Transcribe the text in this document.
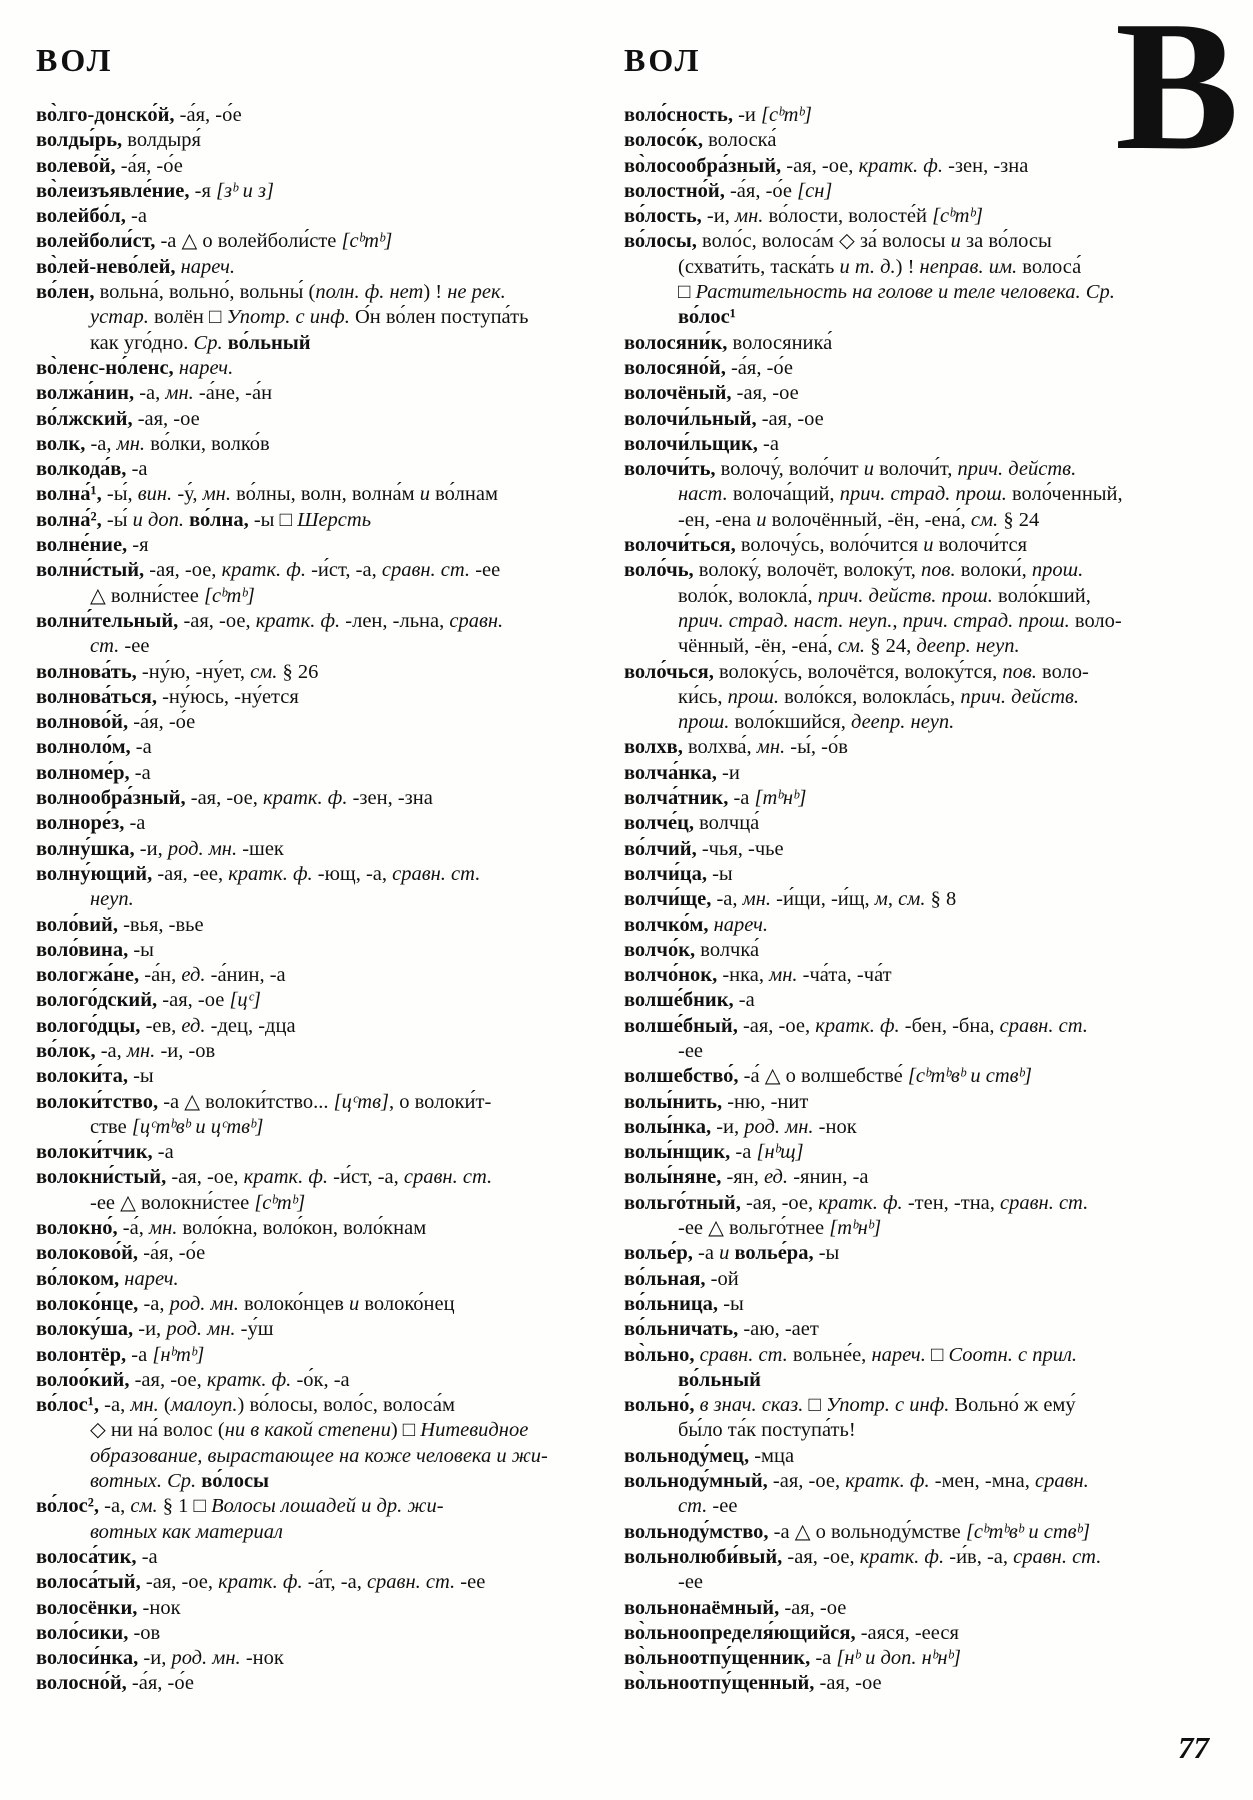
ВОЛ
во̀лго-донско́й, -а́я, -о́е
волды́рь, волдыря́
волево́й, -а́я, -о́е
во̀леизъявле́ние, -я [зᵇ и з]
волейбо́л, -а
волейболи́ст, -а △ о волейболи́сте [сᵇтᵇ]
во̀лей-нево́лей, нареч.
во́лен, вольна́, вольно́, вольны́ (полн. ф. нет) ! не рек.
устар. волён □ Употр. с инф. О́н во́лен поступа́ть
как уго́дно. Ср. во́льный
во̀ленс-но́ленс, нареч.
волжа́нин, -а, мн. -а́не, -а́н
во́лжский, -ая, -ое
волк, -а, мн. во́лки, волко́в
волкода́в, -а
волна́¹, -ы́, вин. -у́, мн. во́лны, волн, волна́м и во́лнам
волна́², -ы́ и доп. во́лна, -ы □ Шерсть
волне́ние, -я
волни́стый, -ая, -ое, кратк. ф. -и́ст, -а, сравн. ст. -ее
△ волни́стее [сᵇтᵇ]
волни́тельный, -ая, -ое, кратк. ф. -лен, -льна, сравн.
ст. -ее
волнова́ть, -ну́ю, -ну́ет, см. § 26
волнова́ться, -ну́юсь, -ну́ется
волново́й, -а́я, -о́е
волноло́м, -а
волноме́р, -а
волнообра́зный, -ая, -ое, кратк. ф. -зен, -зна
волноре́з, -а
волну́шка, -и, род. мн. -шек
волну́ющий, -ая, -ее, кратк. ф. -ющ, -а, сравн. ст.
неуп.
воло́вий, -вья, -вье
воло́вина, -ы
вологжа́не, -а́н, ед. -а́нин, -а
волого́дский, -ая, -ое [цᶜ]
волого́дцы, -ев, ед. -дец, -дца
во́лок, -а, мн. -и, -ов
волоки́та, -ы
волоки́тство, -а △ волоки́тство... [цᶜтв], о волоки́т-
стве [цᶜтᵇвᵇ и цᶜтвᵇ]
волоки́тчик, -а
волокни́стый, -ая, -ое, кратк. ф. -и́ст, -а, сравн. ст.
-ее △ волокни́стее [сᵇтᵇ]
волокно́, -а́, мн. воло́кна, воло́кон, воло́кнам
волоково́й, -а́я, -о́е
во́локом, нареч.
волоко́нце, -а, род. мн. волоко́нцев и волоко́нец
волоку́ша, -и, род. мн. -у́ш
волонтёр, -а [нᵇтᵇ]
волоо́кий, -ая, -ое, кратк. ф. -о́к, -а
во́лос¹, -а, мн. (малоуп.) во́лосы, воло́с, волоса́м
◇ ни на́ волос (ни в какой степени) □ Нитевидное
образование, вырастающее на коже человека и жи-
вотных. Ср. во́лосы
во́лос², -а, см. § 1 □ Волосы лошадей и др. жи-
вотных как материал
волоса́тик, -а
волоса́тый, -ая, -ое, кратк. ф. -а́т, -а, сравн. ст. -ее
волосёнки, -нок
воло́сики, -ов
волоси́нка, -и, род. мн. -нок
волосно́й, -а́я, -о́е
ВОЛ
воло́сность, -и [сᵇтᵇ]
волосо́к, волоска́
во̀лосообра́зный, -ая, -ое, кратк. ф. -зен, -зна
волостно́й, -а́я, -о́е [сн]
во́лость, -и, мн. во́лости, волосте́й [сᵇтᵇ]
во́лосы, воло́с, волоса́м ◇ за́ волосы и за во́лосы
(схвати́ть, таска́ть и т. д.) ! неправ. им. волоса́
□ Растительность на голове и теле человека. Ср.
во́лос¹
волосяни́к, волосяника́
волосяно́й, -а́я, -о́е
волочёный, -ая, -ое
волочи́льный, -ая, -ое
волочи́льщик, -а
волочи́ть, волочу́, воло́чит и волочи́т, прич. действ.
наст. волоча́щий, прич. страд. прош. воло́ченный,
-ен, -ена и волочённый, -ён, -ена́, см. § 24
волочи́ться, волочу́сь, воло́чится и волочи́тся
воло́чь, волоку́, волочёт, волоку́т, пов. волоки́, прош.
воло́к, волокла́, прич. действ. прош. воло́кший,
прич. страд. наст. неуп., прич. страд. прош. воло-
чённый, -ён, -ена́, см. § 24, деепр. неуп.
воло́чься, волоку́сь, волочётся, волоку́тся, пов. воло-
ки́сь, прош. воло́кся, волокла́сь, прич. действ.
прош. воло́кшийся, деепр. неуп.
волхв, волхва́, мн. -ы́, -о́в
волча́нка, -и
волча́тник, -а [тᵇнᵇ]
волче́ц, волчца́
во́лчий, -чья, -чье
волчи́ца, -ы
волчи́ще, -а, мн. -и́щи, -и́щ, м, см. § 8
волчко́м, нареч.
волчо́к, волчка́
волчо́нок, -нка, мн. -ча́та, -ча́т
волше́бник, -а
волше́бный, -ая, -ое, кратк. ф. -бен, -бна, сравн. ст.
-ее
волшебство́, -а́ △ о волшебстве́ [сᵇтᵇвᵇ и ствᵇ]
волы́нить, -ню, -нит
волы́нка, -и, род. мн. -нок
волы́нщик, -а [нᵇщ]
волы́няне, -ян, ед. -янин, -а
вольго́тный, -ая, -ое, кратк. ф. -тен, -тна, сравн. ст.
-ее △ вольго́тнее [тᵇнᵇ]
волье́р, -а и волье́ра, -ы
во́льная, -ой
во́льница, -ы
во́льничать, -аю, -ает
во̀льно, сравн. ст. вольне́е, нареч. □ Соотн. с прил.
во́льный
вольно́, в знач. сказ. □ Употр. с инф. Вольно́ ж ему́
бы́ло та́к поступа́ть!
вольноду́мец, -мца
вольноду́мный, -ая, -ое, кратк. ф. -мен, -мна, сравн.
ст. -ее
вольноду́мство, -а △ о вольноду́мстве [сᵇтᵇвᵇ и ствᵇ]
вольнолюби́вый, -ая, -ое, кратк. ф. -и́в, -а, сравн. ст.
-ее
вольнонаёмный, -ая, -ое
во̀льноопределя́ющийся, -аяся, -ееся
во̀льноотпу́щенник, -а [нᵇ и доп. нᵇнᵇ]
во̀льноотпу́щенный, -ая, -ое
В
77
